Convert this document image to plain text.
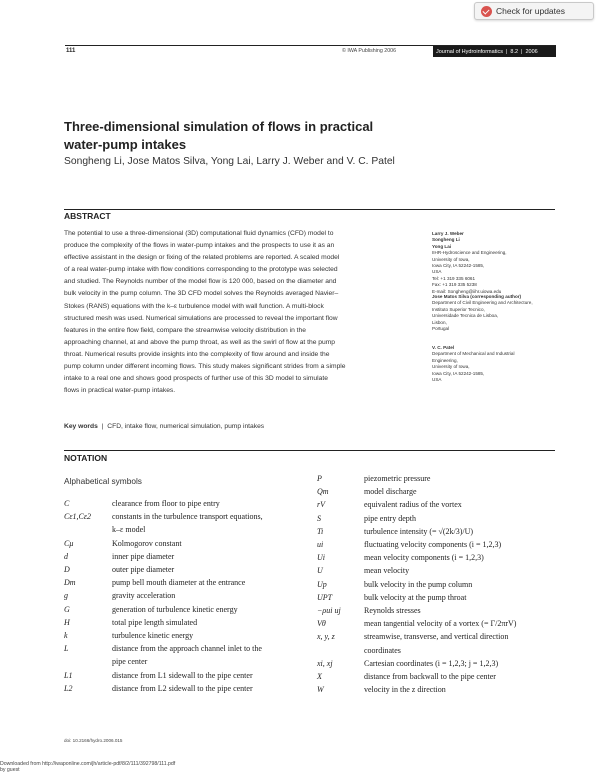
Check for updates
111	© IWA Publishing 2006	Journal of Hydroinformatics | 8.2 | 2006
Three-dimensional simulation of flows in practical
water-pump intakes
Songheng Li, Jose Matos Silva, Yong Lai, Larry J. Weber and V. C. Patel
ABSTRACT
The potential to use a three-dimensional (3D) computational fluid dynamics (CFD) model to
produce the complexity of the flows in water-pump intakes and the prospects to use it as an
effective assistant in the design or fixing of the related problems are reported. A scaled model
of a real water-pump intake with flow conditions corresponding to the prototype was selected
and studied. The Reynolds number of the model flow is 120 000, based on the diameter and
bulk velocity in the pump column. The 3D CFD model solves the Reynolds averaged Navier–
Stokes (RANS) equations with the k–ε turbulence model with wall function. A multi-block
structured mesh was used. Numerical simulations are processed to reveal the important flow
features in the entire flow field, compare the streamwise velocity distribution in the
approaching channel, at and above the pump throat, as well as the swirl of flow at the pump
throat. Numerical results provide insights into the complexity of flow around and inside the
pump column under different incoming flows. This study makes significant strides from a simple
intake to a real one and shows good prospects of further use of this 3D model to simulate
flows in practical water-pump intakes.
Key words | CFD, intake flow, numerical simulation, pump intakes
Larry J. Weber
Songheng Li
Yong Lai
IIHR-Hydroscience and Engineering,
University of Iowa,
Iowa City, IA 52242-1585,
USA
Tel: +1 319 335 6061
Fax: +1 319 335 5238
E-mail: Songheng@iihr.uiowa.edu
Jose Matos Silva (corresponding author)
Department of Civil Engineering and Architecture,
Instituto Superior Tecnico,
Universidade Tecnica de Lisboa,
Lisbon,
Portugal
V. C. Patel
Department of Mechanical and Industrial
Engineering,
University of Iowa,
Iowa City, IA 52242-1585,
USA
NOTATION
Alphabetical symbols
doi: 10.2166/hydro.2006.015
Downloaded from http://iwaponline.com/jh/article-pdf/8/2/111/392798/111.pdf
by guest
C	clearance from floor to pipe entry
Cε1,Cε2	constants in the turbulence transport equations,
k–ε model
Cμ	Kolmogorov constant
d	inner pipe diameter
D	outer pipe diameter
Dm	pump bell mouth diameter at the entrance
g	gravity acceleration
G	generation of turbulence kinetic energy
H	total pipe length simulated
k	turbulence kinetic energy
L	distance from the approach channel inlet to the
pipe center
L1	distance from L1 sidewall to the pipe center
L2	distance from L2 sidewall to the pipe center
P	piezometric pressure
Qm	model discharge
rV	equivalent radius of the vortex
S	pipe entry depth
Ti	turbulence intensity (= √(2k/3)/U)
ui	fluctuating velocity components (i = 1,2,3)
Ui	mean velocity components (i = 1,2,3)
U	mean velocity
Up	bulk velocity in the pump column
UPT	bulk velocity at the pump throat
−ρui uj	Reynolds stresses
Vθ	mean tangential velocity of a vortex (= Γ/2πrV)
x, y, z	streamwise, transverse, and vertical direction
coordinates
xi, xj	Cartesian coordinates (i = 1,2,3; j = 1,2,3)
X	distance from backwall to the pipe center
W	velocity in the z direction
